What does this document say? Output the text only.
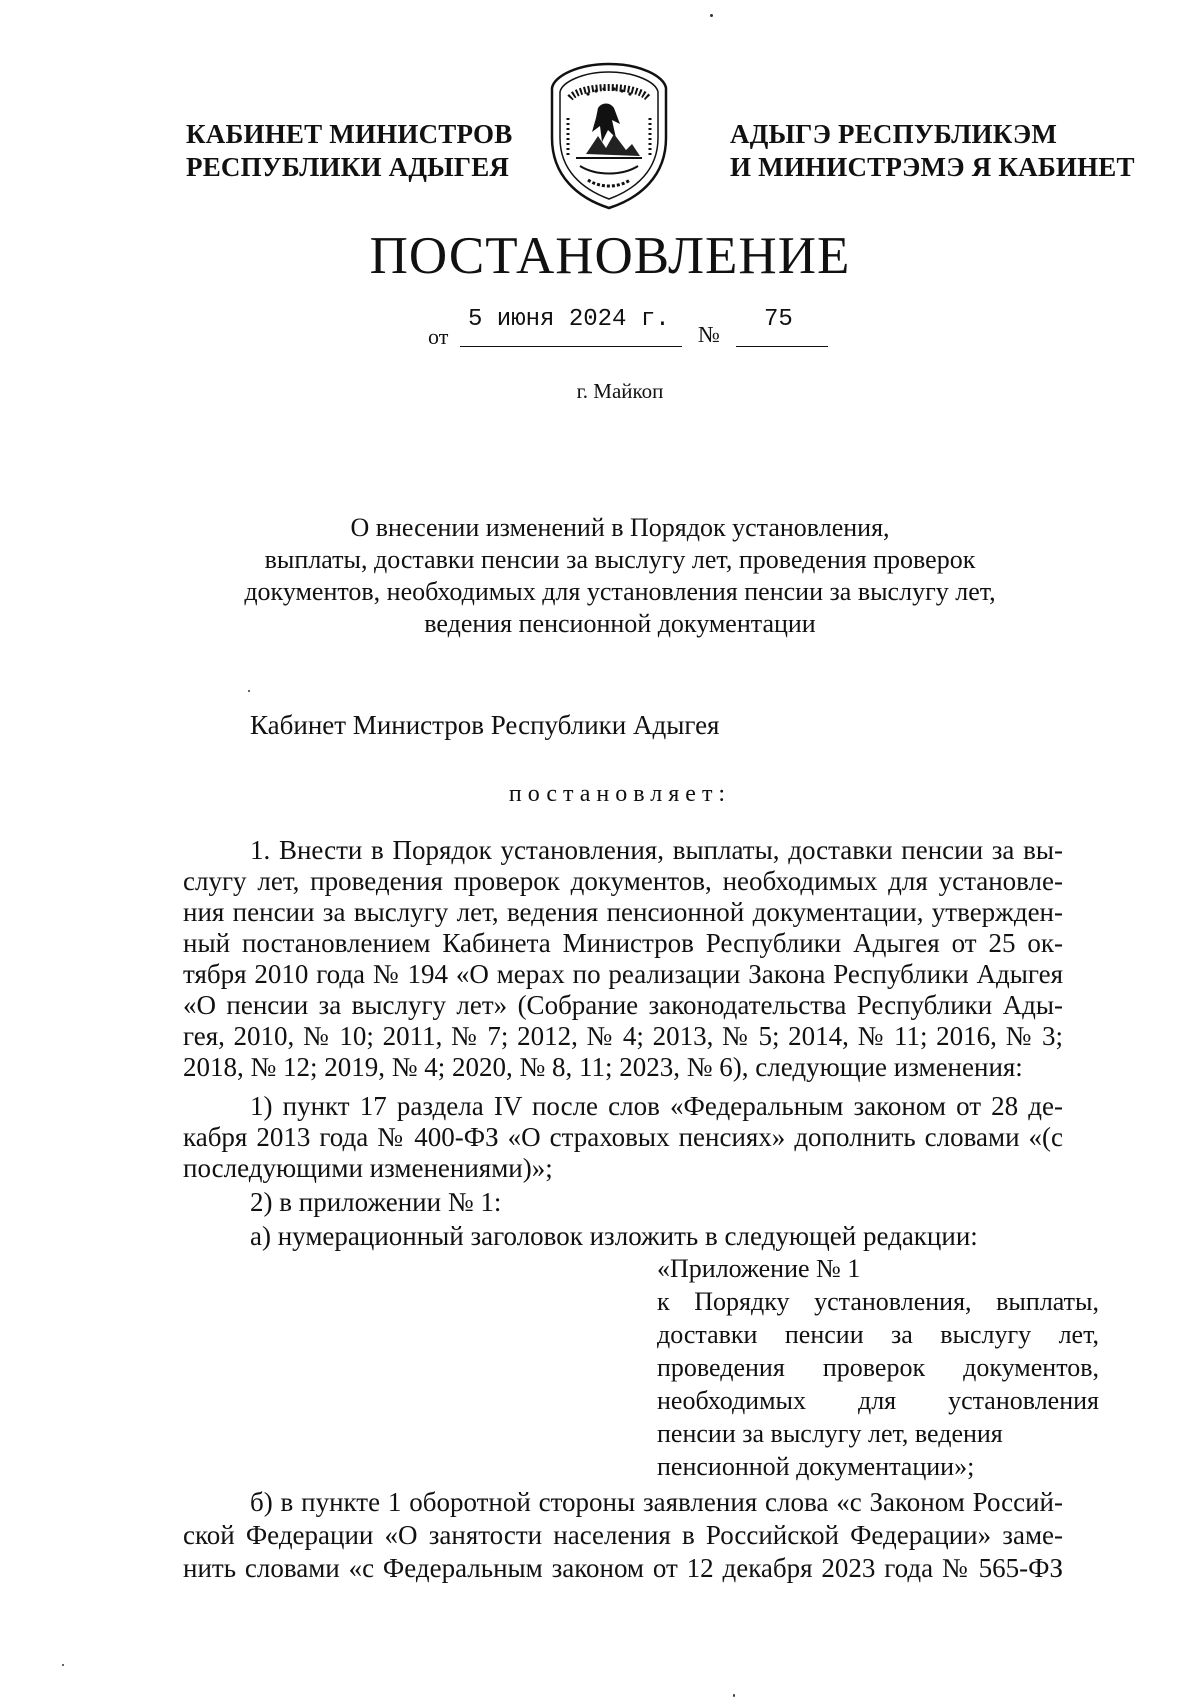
КАБИНЕТ МИНИСТРОВ
РЕСПУБЛИКИ АДЫГЕЯ
АДЫГЭ РЕСПУБЛИКЭМ
И МИНИСТРЭМЭ Я КАБИНЕТ
ПОСТАНОВЛЕНИЕ
от
5 июня 2024 г.
№
75
г. Майкоп
О внесении изменений в Порядок установления,
выплаты, доставки пенсии за выслугу лет, проведения проверок
документов, необходимых для установления пенсии за выслугу лет,
ведения пенсионной документации
Кабинет Министров Республики Адыгея
постановляет:
1. Внести в Порядок установления, выплаты, доставки пенсии за вы-
слугу лет, проведения проверок документов, необходимых для установле-
ния пенсии за выслугу лет, ведения пенсионной документации, утвержден-
ный постановлением Кабинета Министров Республики Адыгея от 25 ок-
тября 2010 года № 194 «О мерах по реализации Закона Республики Адыгея
«О пенсии за выслугу лет» (Собрание законодательства Республики Ады-
гея, 2010, № 10; 2011, № 7; 2012, № 4; 2013, № 5; 2014, № 11; 2016, № 3;
2018, № 12; 2019, № 4; 2020, № 8, 11; 2023, № 6), следующие изменения:
1) пункт 17 раздела IV после слов «Федеральным законом от 28 де-
кабря 2013 года № 400-ФЗ «О страховых пенсиях» дополнить словами «(с
последующими изменениями)»;
2) в приложении № 1:
а) нумерационный заголовок изложить в следующей редакции:
«Приложение № 1
к Порядку установления, выплаты,
доставки пенсии за выслугу лет,
проведения проверок документов,
необходимых для установления
пенсии за выслугу лет, ведения
пенсионной документации»;
б) в пункте 1 оборотной стороны заявления слова «с Законом Россий-
ской Федерации «О занятости населения в Российской Федерации» заме-
нить словами «с Федеральным законом от 12 декабря 2023 года № 565-ФЗ
